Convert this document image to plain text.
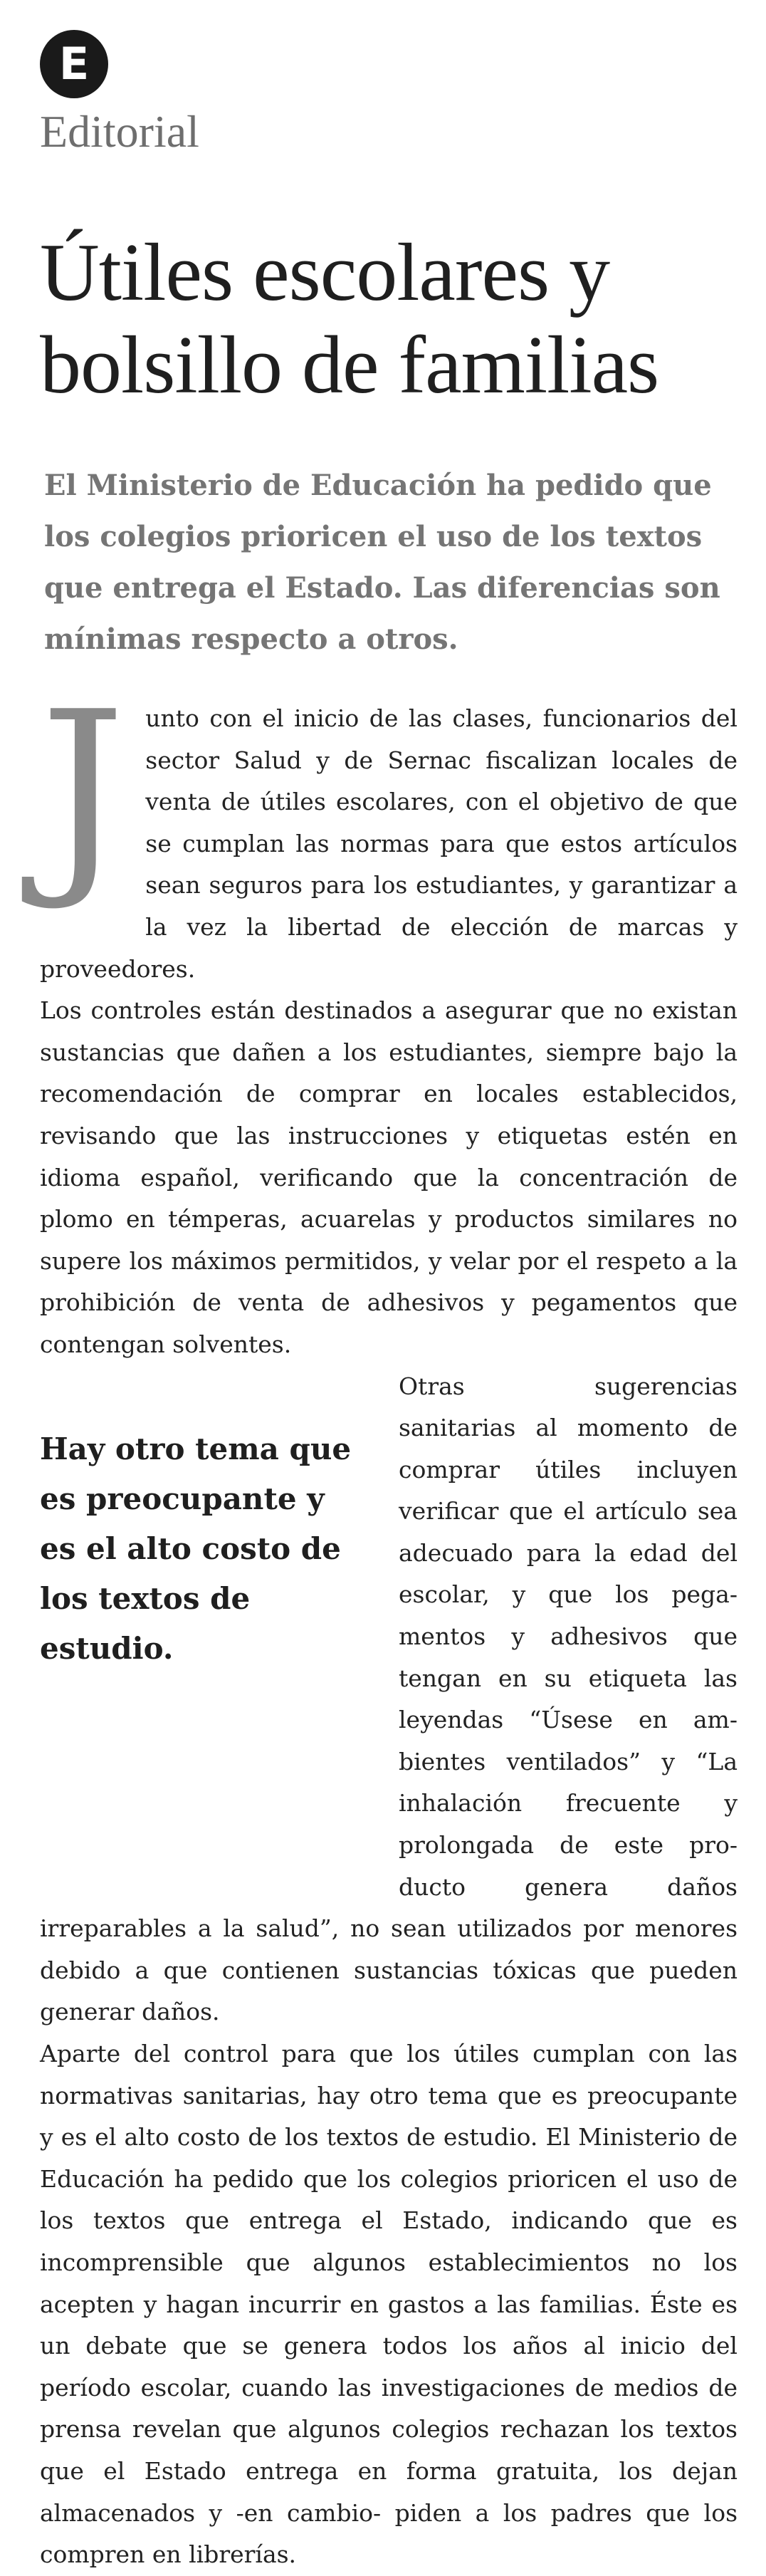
E
Editorial
Útiles escolares y bolsillo de familias

El Ministerio de Educación ha pedido que los colegios prioricen el uso de los textos que entrega el Estado. Las diferencias son mínimas respecto a otros.

J unto con el inicio de las clases, funcionarios del sector Salud y de Sernac fiscalizan locales de venta de útiles escolares, con el objetivo de que se cumplan las normas para que estos artículos sean seguros para los estudiantes, y garantizar a la vez la libertad de elección de marcas y proveedores.

Los controles están destinados a asegurar que no existan sustancias que dañen a los estudiantes, siempre bajo la recomendación de comprar en locales establecidos, revisando que las instrucciones y etiquetas estén en idioma español, verificando que la concentración de plomo en témperas, acuarelas y productos similares no supere los máximos permitidos, y velar por el respeto a la prohibición de venta de adhesivos y pegamentos que contengan solventes.

Hay otro tema que es preocupante y es el alto costo de los textos de estudio.

Otras sugerencias sanitarias al momento de comprar útiles incluyen verificar que el artículo sea adecuado para la edad del escolar, y que los pegamentos y adhesivos que tengan en su etiqueta las leyendas “Úsese en ambientes ventilados” y “La inhalación frecuente y prolongada de este producto genera daños irreparables a la salud”, no sean utilizados por menores debido a que contienen sustancias tóxicas que pueden generar daños.

Aparte del control para que los útiles cumplan con las normativas sanitarias, hay otro tema que es preocupante y es el alto costo de los textos de estudio. El Ministerio de Educación ha pedido que los colegios prioricen el uso de los textos que entrega el Estado, indicando que es incomprensible que algunos establecimientos no los acepten y hagan incurrir en gastos a las familias. Éste es un debate que se genera todos los años al inicio del período escolar, cuando las investigaciones de medios de prensa revelan que algunos colegios rechazan los textos que el Estado entrega en forma gratuita, los dejan almacenados y -en cambio- piden a los padres que los compren en librerías.
